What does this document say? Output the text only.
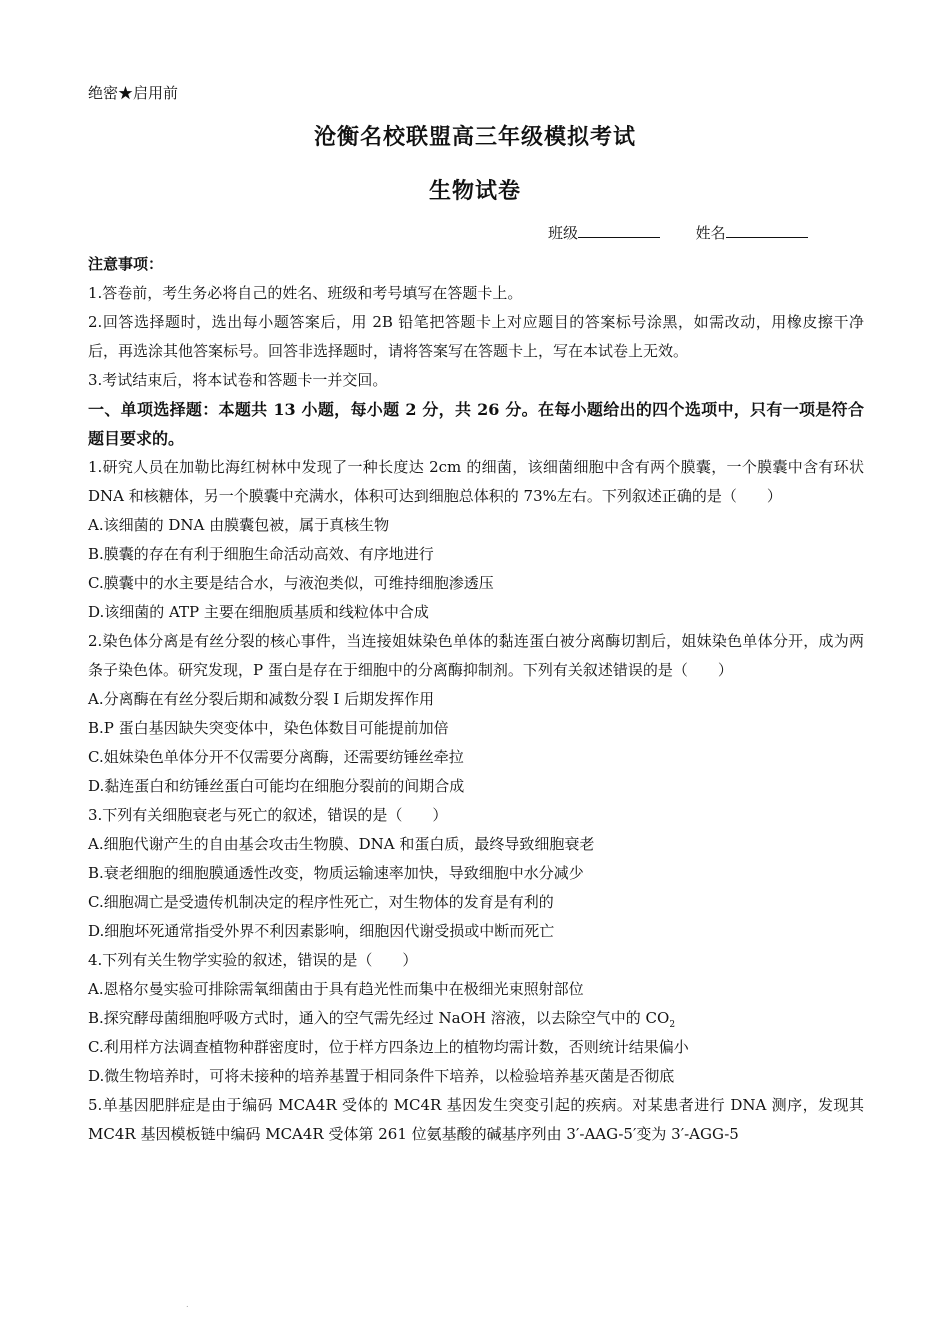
绝密★启用前
沧衡名校联盟高三年级模拟考试
生物试卷
班级	姓名

注意事项：

1.答卷前，考生务必将自己的姓名、班级和考号填写在答题卡上。

2.回答选择题时，选出每小题答案后，用 2B 铅笔把答题卡上对应题目的答案标号涂黑，如需改动，用橡皮擦干净后，再选涂其他答案标号。回答非选择题时，请将答案写在答题卡上，写在本试卷上无效。

3.考试结束后，将本试卷和答题卡一并交回。

一、单项选择题：本题共 13 小题，每小题 2 分，共 26 分。在每小题给出的四个选项中，只有一项是符合题目要求的。

1.研究人员在加勒比海红树林中发现了一种长度达 2cm 的细菌，该细菌细胞中含有两个膜囊，一个膜囊中含有环状 DNA 和核糖体，另一个膜囊中充满水，体积可达到细胞总体积的 73%左右。下列叙述正确的是（　　）

A.该细菌的 DNA 由膜囊包被，属于真核生物

B.膜囊的存在有利于细胞生命活动高效、有序地进行

C.膜囊中的水主要是结合水，与液泡类似，可维持细胞渗透压

D.该细菌的 ATP 主要在细胞质基质和线粒体中合成

2.染色体分离是有丝分裂的核心事件，当连接姐妹染色单体的黏连蛋白被分离酶切割后，姐妹染色单体分开，成为两条子染色体。研究发现，P 蛋白是存在于细胞中的分离酶抑制剂。下列有关叙述错误的是（　　）

A.分离酶在有丝分裂后期和减数分裂 I 后期发挥作用

B.P 蛋白基因缺失突变体中，染色体数目可能提前加倍

C.姐妹染色单体分开不仅需要分离酶，还需要纺锤丝牵拉

D.黏连蛋白和纺锤丝蛋白可能均在细胞分裂前的间期合成

3.下列有关细胞衰老与死亡的叙述，错误的是（　　）

A.细胞代谢产生的自由基会攻击生物膜、DNA 和蛋白质，最终导致细胞衰老

B.衰老细胞的细胞膜通透性改变，物质运输速率加快，导致细胞中水分减少

C.细胞凋亡是受遗传机制决定的程序性死亡，对生物体的发育是有利的

D.细胞坏死通常指受外界不利因素影响，细胞因代谢受损或中断而死亡

4.下列有关生物学实验的叙述，错误的是（　　）

A.恩格尔曼实验可排除需氧细菌由于具有趋光性而集中在极细光束照射部位

B.探究酵母菌细胞呼吸方式时，通入的空气需先经过 NaOH 溶液，以去除空气中的 $CO_2$

C.利用样方法调查植物种群密度时，位于样方四条边上的植物均需计数，否则统计结果偏小

D.微生物培养时，可将未接种的培养基置于相同条件下培养，以检验培养基灭菌是否彻底

5.单基因肥胖症是由于编码 MCA4R 受体的 MC4R 基因发生突变引起的疾病。对某患者进行 DNA 测序，发现其 MC4R 基因模板链中编码 MCA4R 受体第 261 位氨基酸的碱基序列由 3′-AAG-5′变为 3′-AGG-5

.
